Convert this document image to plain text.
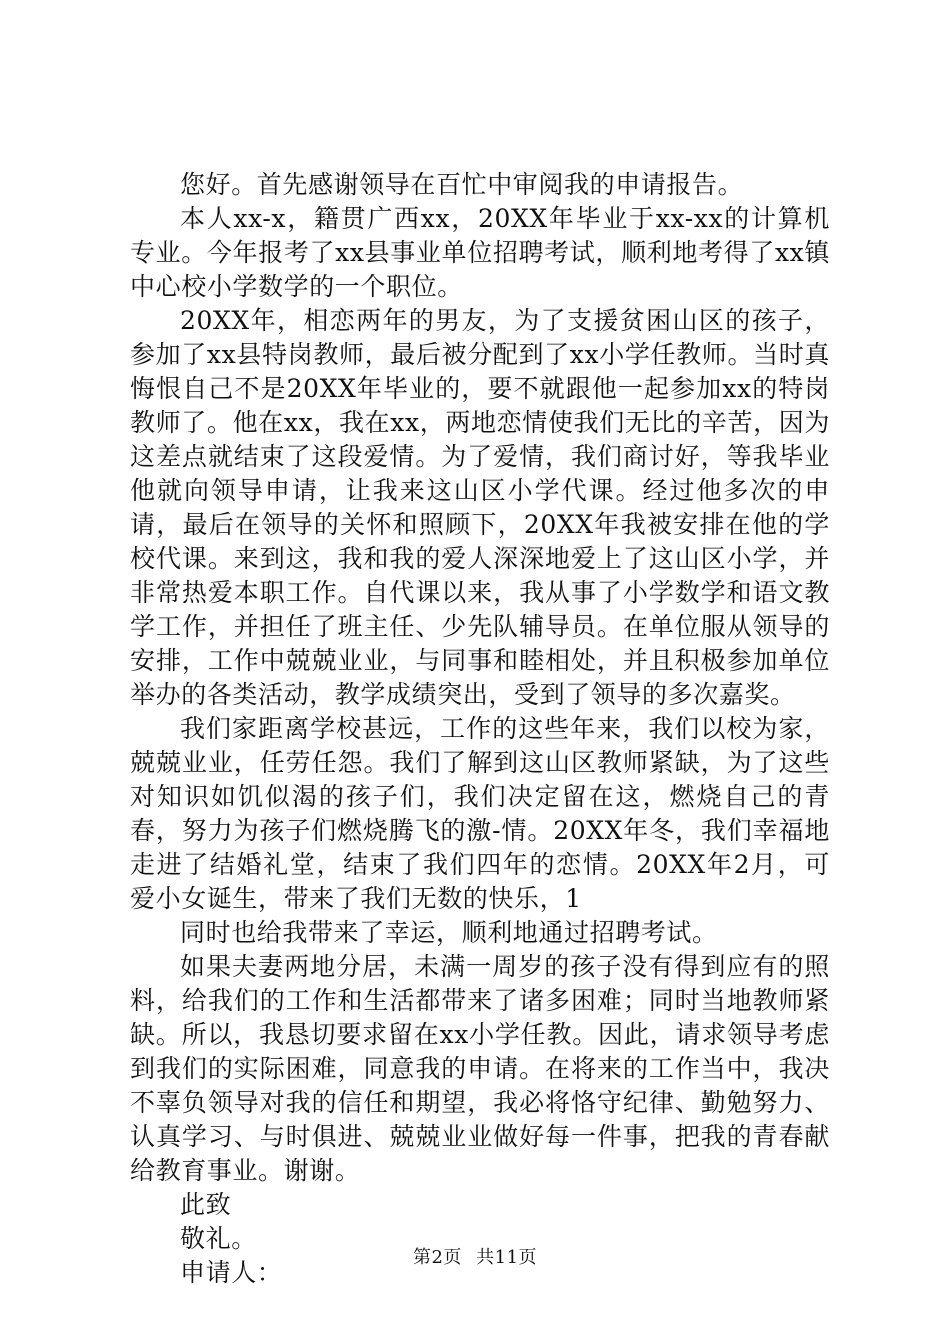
您好。首先感谢领导在百忙中审阅我的申请报告。

本人xx-x，籍贯广西xx，20XX年毕业于xx-xx的计算机专业。今年报考了xx县事业单位招聘考试，顺利地考得了xx镇中心校小学数学的一个职位。

20XX年，相恋两年的男友，为了支援贫困山区的孩子，参加了xx县特岗教师，最后被分配到了xx小学任教师。当时真悔恨自己不是20XX年毕业的，要不就跟他一起参加xx的特岗教师了。他在xx，我在xx，两地恋情使我们无比的辛苦，因为这差点就结束了这段爱情。为了爱情，我们商讨好，等我毕业他就向领导申请，让我来这山区小学代课。经过他多次的申请，最后在领导的关怀和照顾下，20XX年我被安排在他的学校代课。来到这，我和我的爱人深深地爱上了这山区小学，并非常热爱本职工作。自代课以来，我从事了小学数学和语文教学工作，并担任了班主任、少先队辅导员。在单位服从领导的安排，工作中兢兢业业，与同事和睦相处，并且积极参加单位举办的各类活动，教学成绩突出，受到了领导的多次嘉奖。

我们家距离学校甚远，工作的这些年来，我们以校为家，兢兢业业，任劳任怨。我们了解到这山区教师紧缺，为了这些对知识如饥似渴的孩子们，我们决定留在这，燃烧自己的青春，努力为孩子们燃烧腾飞的激-情。20XX年冬，我们幸福地走进了结婚礼堂，结束了我们四年的恋情。20XX年2月，可爱小女诞生，带来了我们无数的快乐，1

同时也给我带来了幸运，顺利地通过招聘考试。

如果夫妻两地分居，未满一周岁的孩子没有得到应有的照料，给我们的工作和生活都带来了诸多困难；同时当地教师紧缺。所以，我恳切要求留在xx小学任教。因此，请求领导考虑到我们的实际困难，同意我的申请。在将来的工作当中，我决不辜负领导对我的信任和期望，我必将恪守纪律、勤勉努力、认真学习、与时俱进、兢兢业业做好每一件事，把我的青春献给教育事业。谢谢。

此致

敬礼。

申请人：

第2页 共11页
